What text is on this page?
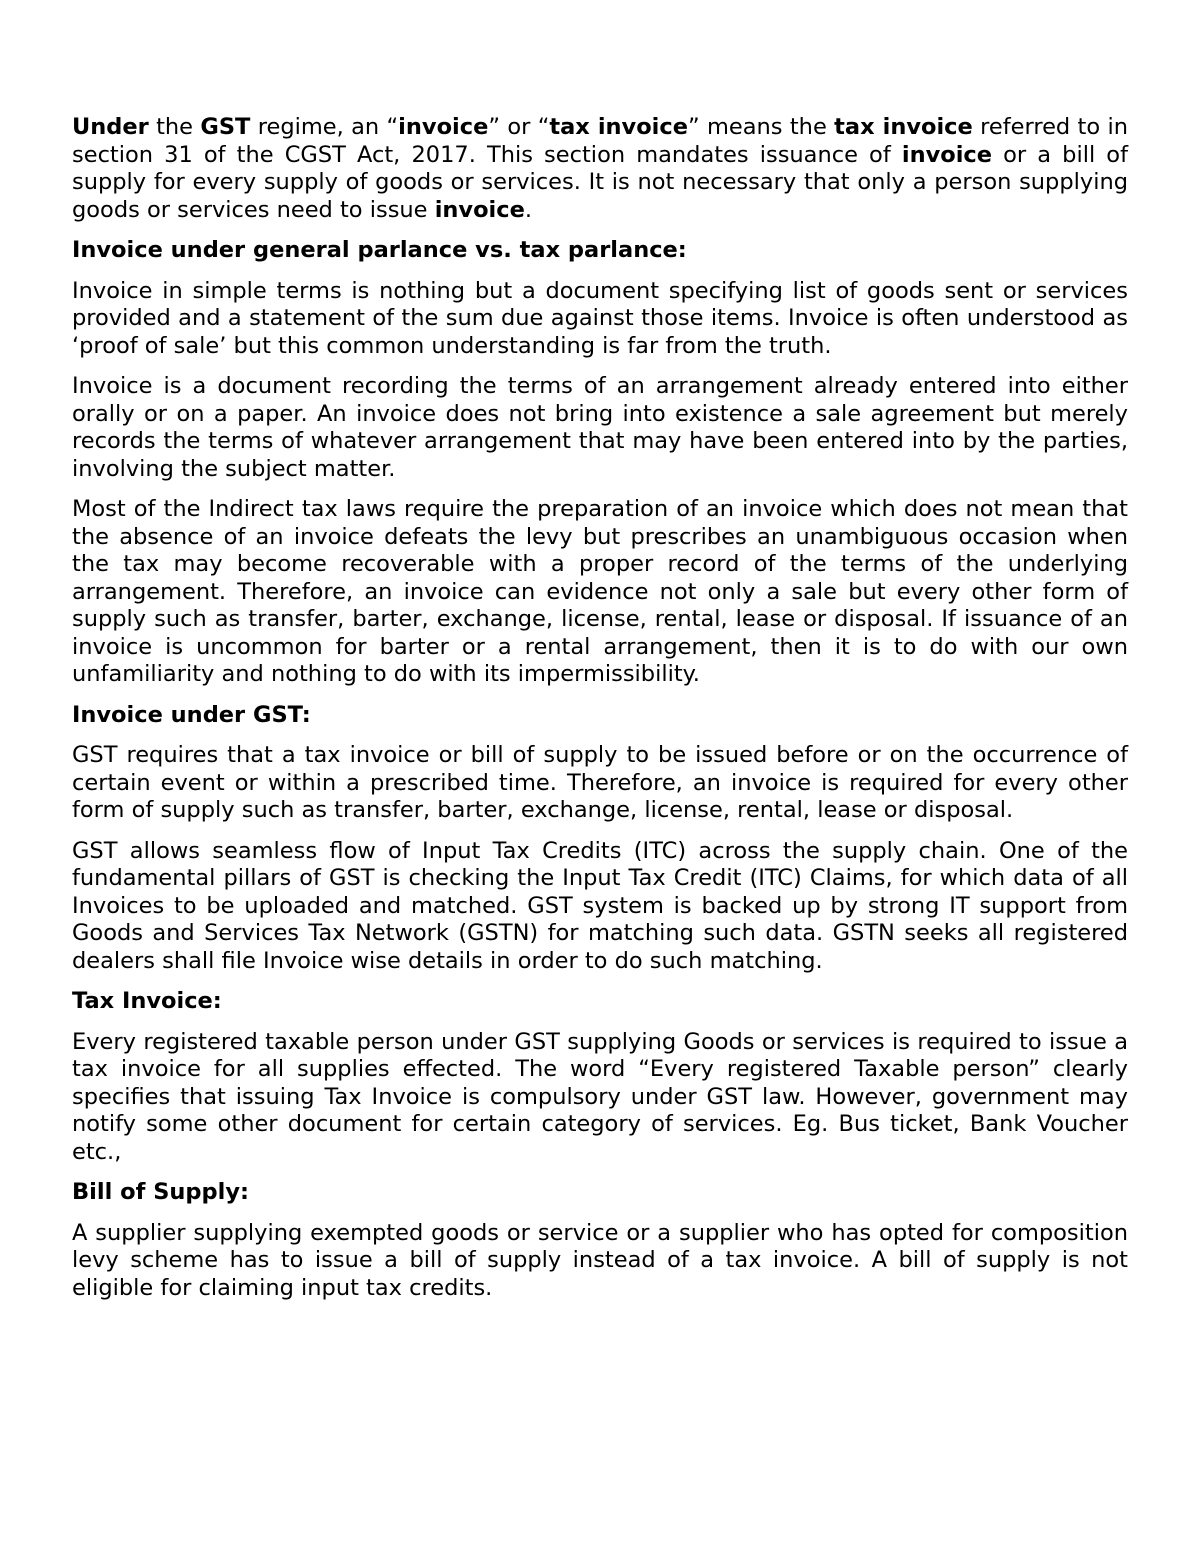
Under the GST regime, an “invoice” or “tax invoice” means the tax invoice referred to in section 31 of the CGST Act, 2017. This section mandates issuance of invoice or a bill of supply for every supply of goods or services. It is not necessary that only a person supplying goods or services need to issue invoice.

Invoice under general parlance vs. tax parlance:

Invoice in simple terms is nothing but a document specifying list of goods sent or services provided and a statement of the sum due against those items. Invoice is often understood as ‘proof of sale’ but this common understanding is far from the truth.

Invoice is a document recording the terms of an arrangement already entered into either orally or on a paper. An invoice does not bring into existence a sale agreement but merely records the terms of whatever arrangement that may have been entered into by the parties, involving the subject matter.

Most of the Indirect tax laws require the preparation of an invoice which does not mean that the absence of an invoice defeats the levy but prescribes an unambiguous occasion when the tax may become recoverable with a proper record of the terms of the underlying arrangement. Therefore, an invoice can evidence not only a sale but every other form of supply such as transfer, barter, exchange, license, rental, lease or disposal. If issuance of an invoice is uncommon for barter or a rental arrangement, then it is to do with our own unfamiliarity and nothing to do with its impermissibility.

Invoice under GST:

GST requires that a tax invoice or bill of supply to be issued before or on the occurrence of certain event or within a prescribed time. Therefore, an invoice is required for every other form of supply such as transfer, barter, exchange, license, rental, lease or disposal.

GST allows seamless flow of Input Tax Credits (ITC) across the supply chain. One of the fundamental pillars of GST is checking the Input Tax Credit (ITC) Claims, for which data of all Invoices to be uploaded and matched. GST system is backed up by strong IT support from Goods and Services Tax Network (GSTN) for matching such data. GSTN seeks all registered dealers shall file Invoice wise details in order to do such matching.

Tax Invoice:

Every registered taxable person under GST supplying Goods or services is required to issue a tax invoice for all supplies effected. The word “Every registered Taxable person” clearly specifies that issuing Tax Invoice is compulsory under GST law. However, government may notify some other document for certain category of services. Eg. Bus ticket, Bank Voucher etc.,

Bill of Supply:

A supplier supplying exempted goods or service or a supplier who has opted for composition levy scheme has to issue a bill of supply instead of a tax invoice. A bill of supply is not eligible for claiming input tax credits.
